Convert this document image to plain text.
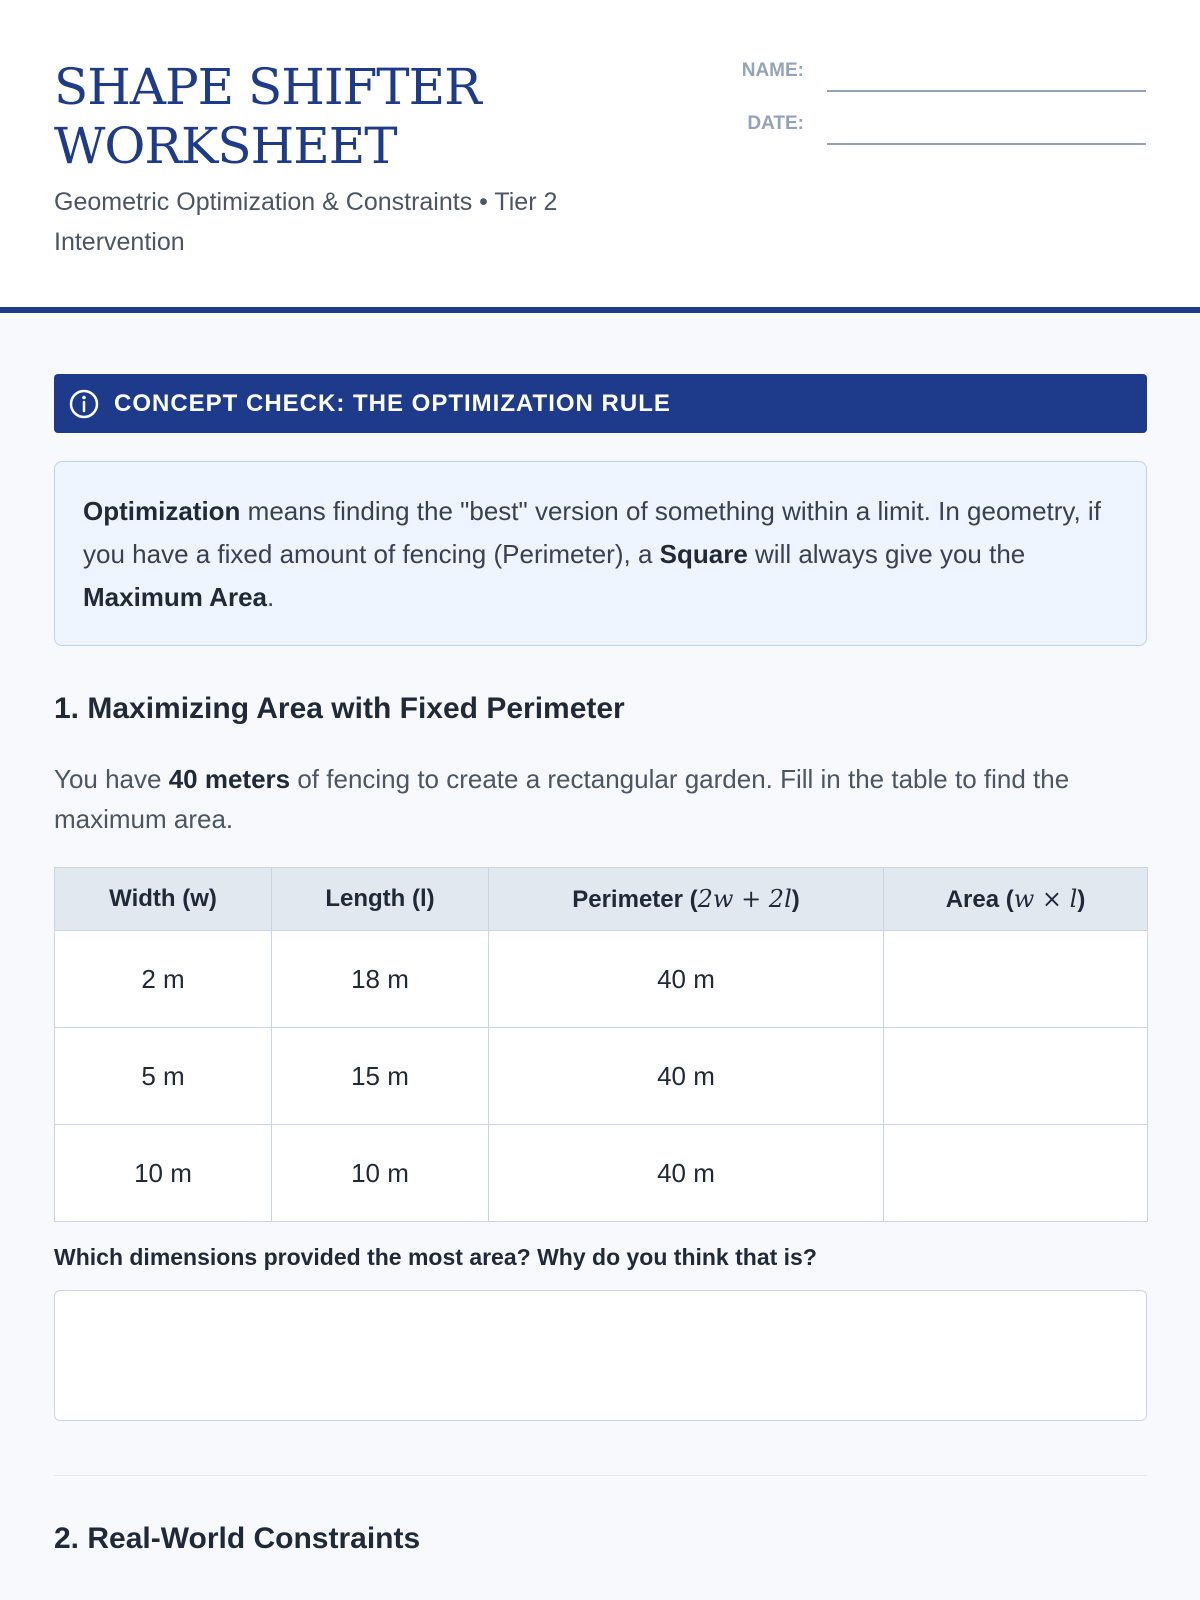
SHAPE SHIFTER
WORKSHEET
Geometric Optimization & Constraints • Tier 2 Intervention
NAME:
DATE:
CONCEPT CHECK: THE OPTIMIZATION RULE
Optimization means finding the "best" version of something within a limit. In geometry, if you have a fixed amount of fencing (Perimeter), a Square will always give you the Maximum Area.
1. Maximizing Area with Fixed Perimeter
You have 40 meters of fencing to create a rectangular garden. Fill in the table to find the maximum area.
Width (w)	Length (l)	Perimeter (2w + 2l)	Area (w × l)
2 m	18 m	40 m	
5 m	15 m	40 m	
10 m	10 m	40 m	
Which dimensions provided the most area? Why do you think that is?
2. Real-World Constraints
